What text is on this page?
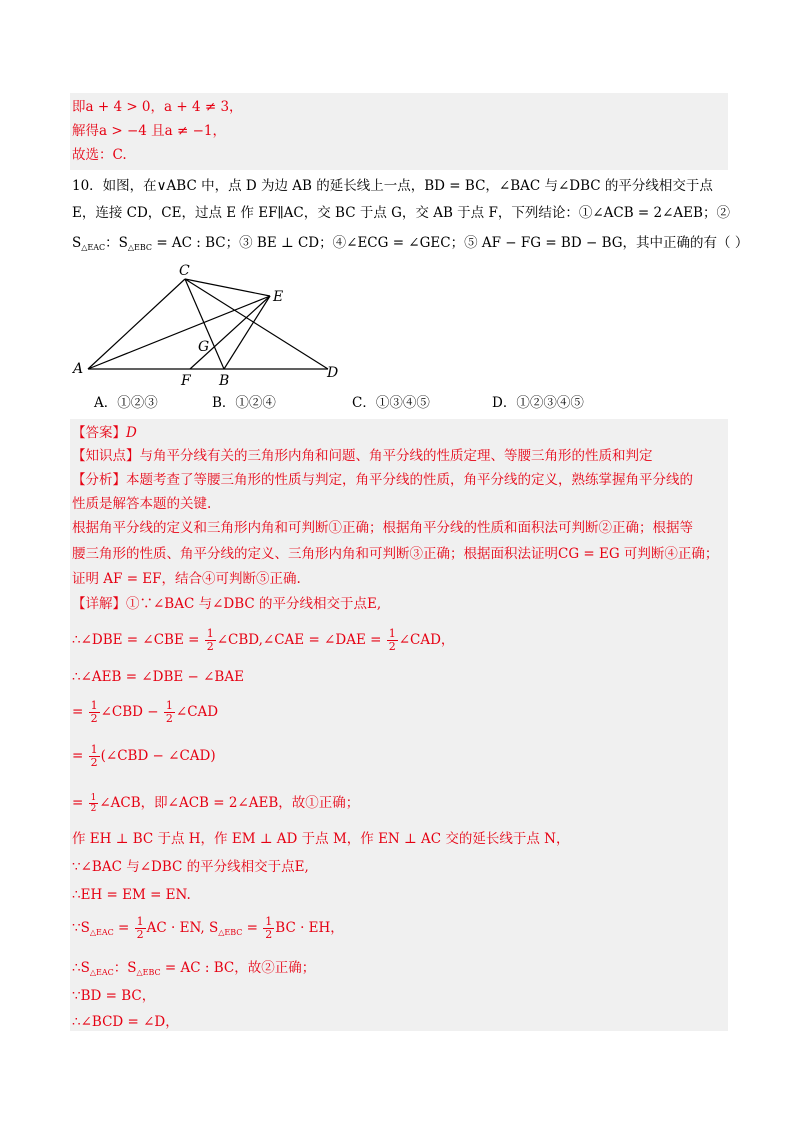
即a + 4 > 0，a + 4 ≠ 3，
解得a > −4 且a ≠ −1，
故选：C.
10．如图，在∨ABC 中，点 D 为边 AB 的延长线上一点，BD = BC，∠BAC 与∠DBC 的平分线相交于点
E，连接 CD，CE，过点 E 作 EF∥AC，交 BC 于点 G，交 AB 于点 F，下列结论：①∠ACB = 2∠AEB；②
$S_{\triangle EAC}$：$S_{\triangle EBC}$ = AC : BC；③ BE ⊥ CD；④∠ECG = ∠GEC；⑤ AF − FG = BD − BG，其中正确的有（ ）
C
E
G
A
F B	D
A．①②③	B．①②④	C．①③④⑤	D．①②③④⑤
【答案】D
【知识点】与角平分线有关的三角形内角和问题、角平分线的性质定理、等腰三角形的性质和判定
【分析】本题考查了等腰三角形的性质与判定，角平分线的性质，角平分线的定义，熟练掌握角平分线的
性质是解答本题的关键.
根据角平分线的定义和三角形内角和可判断①正确；根据角平分线的性质和面积法可判断②正确；根据等
腰三角形的性质、角平分线的定义、三角形内角和可判断③正确；根据面积法证明CG = EG 可判断④正确；
证明 AF = EF，结合④可判断⑤正确.
【详解】①∵∠BAC 与∠DBC 的平分线相交于点E,
∴∠DBE = ∠CBE = $\frac{1}{2}$ ∠CBD,∠CAE = ∠DAE = $\frac{1}{2}$ ∠CAD，
∴∠AEB = ∠DBE − ∠BAE
= $\frac{1}{2}$ ∠CBD − $\frac{1}{2}$ ∠CAD
= $\frac{1}{2}$ (∠CBD − ∠CAD)
= $\frac{1}{2}$ ∠ACB，即∠ACB = 2∠AEB，故①正确；
作 EH ⊥ BC 于点 H，作 EM ⊥ AD 于点 M，作 EN ⊥ AC 交的延长线于点 N，
∵∠BAC 与∠DBC 的平分线相交于点E,
∴EH = EM = EN.
$\because S_{\triangle EAC} = \frac{1}{2}$ AC · EN, $S_{\triangle EBC} = \frac{1}{2}$ BC · EH，
$\therefore S_{\triangle EAC}$：$S_{\triangle EBC}$ = AC : BC，故②正确；
∵BD = BC，
∴∠BCD = ∠D，
